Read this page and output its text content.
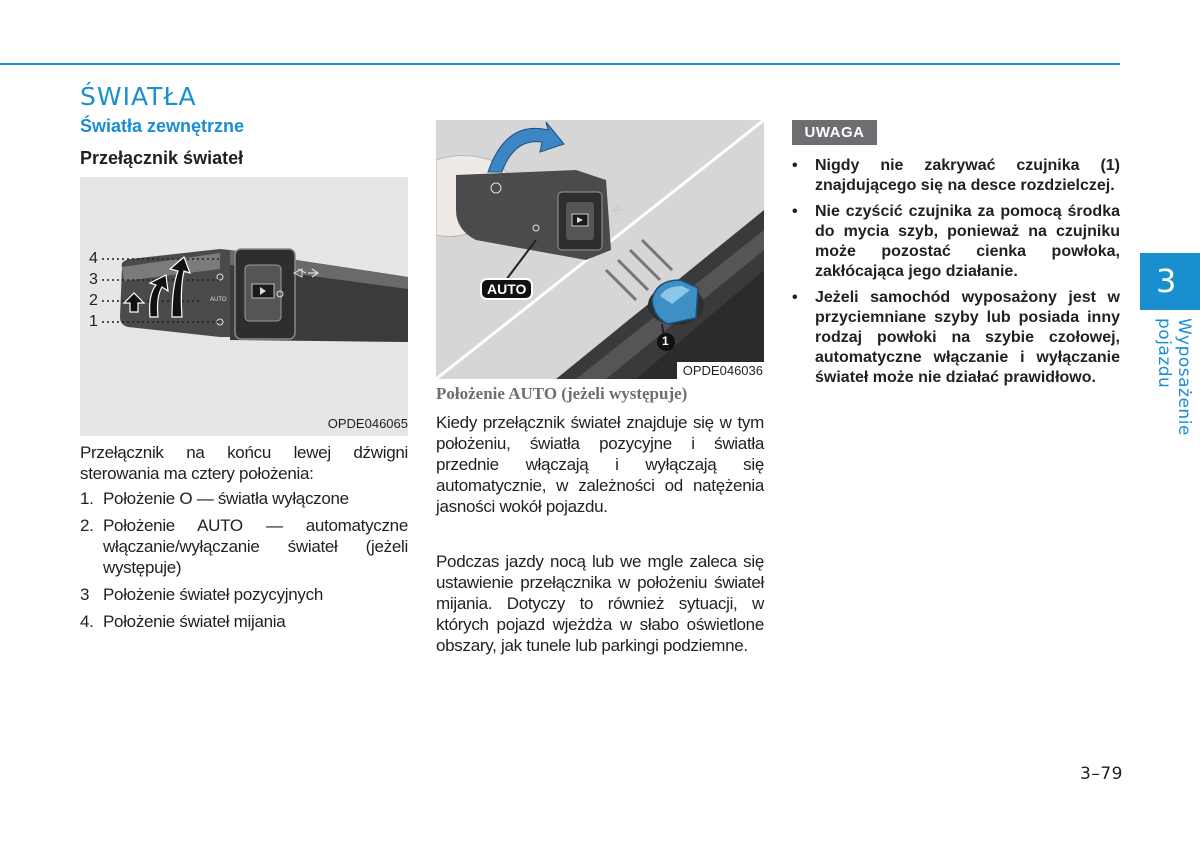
ŚWIATŁA
Światła zewnętrzne
Przełącznik świateł
AUTO
4
3
2
1
OPDE046065
AUTO
1
OPDE046036
Przełącznik na końcu lewej dźwigni sterowania ma cztery położenia:
1. Położenie O — światła wyłączone
2. Położenie AUTO — automatyczne włączanie/wyłączanie świateł (jeżeli występuje)
3 Położenie świateł pozycyjnych
4. Położenie świateł mijania
Położenie AUTO (jeżeli występuje)
Kiedy przełącznik świateł znajduje się w tym położeniu, światła pozycyjne i światła przednie włączają i wyłączają się automatycznie, w zależności od natężenia jasności wokół pojazdu.
Podczas jazdy nocą lub we mgle zaleca się ustawienie przełącznika w położeniu świateł mijania. Dotyczy to również sytuacji, w których pojazd wjeżdża w słabo oświetlone obszary, jak tunele lub parkingi podziemne.
UWAGA
•	Nigdy nie zakrywać czujnika (1) znajdującego się na desce rozdzielczej.
•	Nie czyścić czujnika za pomocą środka do mycia szyb, ponieważ na czujniku może pozostać cienka powłoka, zakłócająca jego działanie.
•	Jeżeli samochód wyposażony jest w przyciemniane szyby lub posiada inny rodzaj powłoki na szybie czołowej, automatyczne włączanie i wyłączanie świateł może nie działać prawidłowo.
3
Wyposażenie pojazdu
3–79
